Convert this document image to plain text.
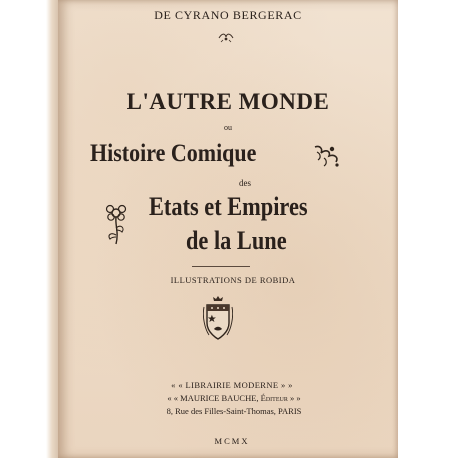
DE CYRANO BERGERAC
L'AUTRE MONDE
ou
Histoire Comique
des
Etats et Empires
de la Lune
ILLUSTRATIONS DE ROBIDA
« « LIBRAIRIE MODERNE » »
« « MAURICE BAUCHE, Éditeur » »
8, Rue des Filles-Saint-Thomas, PARIS
MCMX
